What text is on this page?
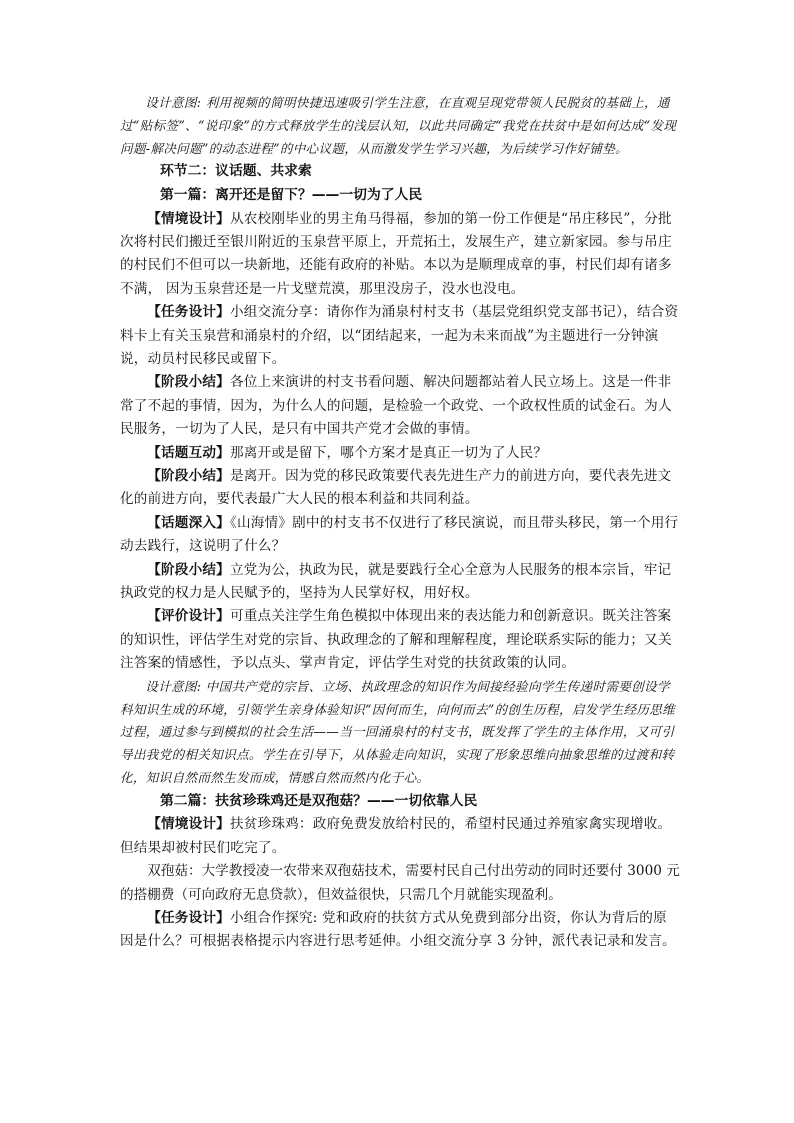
设计意图: 利用视频的简明快捷迅速吸引学生注意，在直观呈现党带领人民脱贫的基础上，通过“贴标签”、“说印象”的方式释放学生的浅层认知，以此共同确定“我党在扶贫中是如何达成“发现问题-解决问题”的动态进程”的中心议题，从而激发学生学习兴趣，为后续学习作好铺垫。

环节二：议话题、共求索

第一篇：离开还是留下？——一切为了人民

【情境设计】从农校刚毕业的男主角马得福，参加的第一份工作便是“吊庄移民”，分批次将村民们搬迁至银川附近的玉泉营平原上，开荒拓土，发展生产，建立新家园。参与吊庄的村民们不但可以一块新地，还能有政府的补贴。本以为是顺理成章的事，村民们却有诸多不满， 因为玉泉营还是一片戈壁荒漠，那里没房子，没水也没电。

【任务设计】小组交流分享：请你作为涌泉村村支书（基层党组织党支部书记），结合资料卡上有关玉泉营和涌泉村的介绍，以“团结起来，一起为未来而战”为主题进行一分钟演说，动员村民移民或留下。

【阶段小结】各位上来演讲的村支书看问题、解决问题都站着人民立场上。这是一件非常了不起的事情，因为，为什么人的问题，是检验一个政党、一个政权性质的试金石。为人民服务，一切为了人民，是只有中国共产党才会做的事情。

【话题互动】那离开或是留下，哪个方案才是真正一切为了人民？

【阶段小结】是离开。因为党的移民政策要代表先进生产力的前进方向，要代表先进文化的前进方向，要代表最广大人民的根本利益和共同利益。

【话题深入】《山海情》剧中的村支书不仅进行了移民演说，而且带头移民，第一个用行动去践行，这说明了什么？

【阶段小结】立党为公，执政为民，就是要践行全心全意为人民服务的根本宗旨，牢记执政党的权力是人民赋予的，坚持为人民掌好权，用好权。

【评价设计】可重点关注学生角色模拟中体现出来的表达能力和创新意识。既关注答案的知识性，评估学生对党的宗旨、执政理念的了解和理解程度，理论联系实际的能力；又关注答案的情感性，予以点头、掌声肯定，评估学生对党的扶贫政策的认同。

设计意图: 中国共产党的宗旨、立场、执政理念的知识作为间接经验向学生传递时需要创设学科知识生成的环境，引领学生亲身体验知识“因何而生，向何而去”的创生历程，启发学生经历思维过程，通过参与到模拟的社会生活——当一回涌泉村的村支书，既发挥了学生的主体作用，又可引导出我党的相关知识点。学生在引导下，从体验走向知识，实现了形象思维向抽象思维的过渡和转化，知识自然而然生发而成，情感自然而然内化于心。

第二篇：扶贫珍珠鸡还是双孢菇？——一切依靠人民

【情境设计】扶贫珍珠鸡：政府免费发放给村民的，希望村民通过养殖家禽实现增收。但结果却被村民们吃完了。

双孢菇：大学教授凌一农带来双孢菇技术，需要村民自己付出劳动的同时还要付 3000 元的搭棚费（可向政府无息贷款），但效益很快，只需几个月就能实现盈利。

【任务设计】小组合作探究: 党和政府的扶贫方式从免费到部分出资，你认为背后的原因是什么？可根据表格提示内容进行思考延伸。小组交流分享 3 分钟，派代表记录和发言。
